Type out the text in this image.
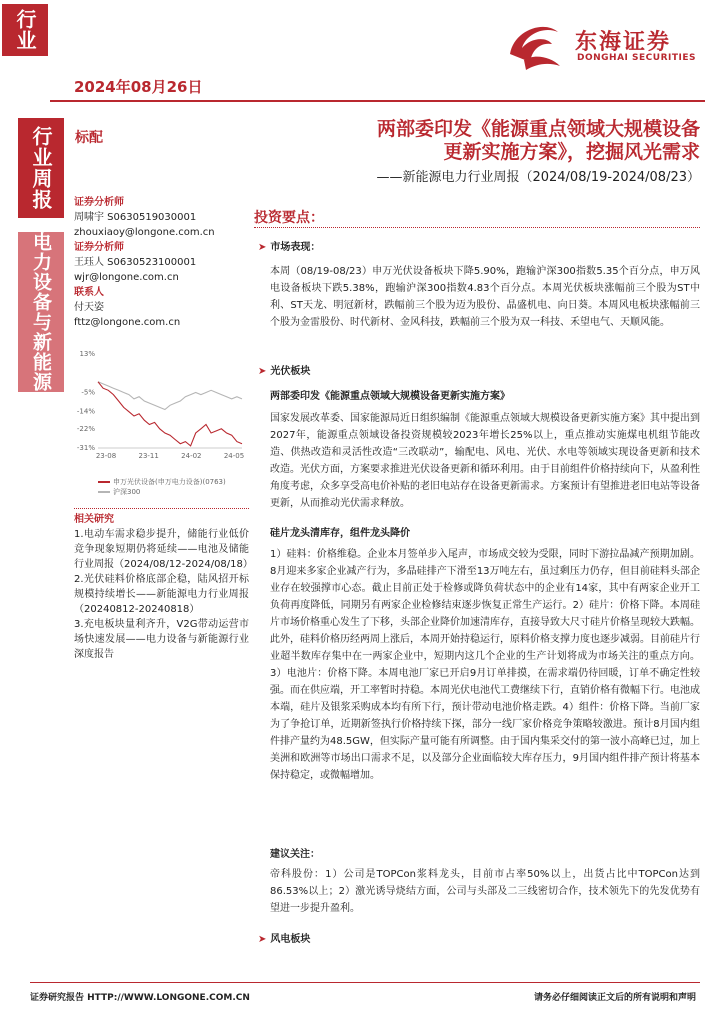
行业
2024年08月26日
东海证券
DONGHAI SECURITIES
行业周报
电力设备与新能源
标配	两部委印发《能源重点领域大规模设备
更新实施方案》，挖掘风光需求
——新能源电力行业周报（2024/08/19-2024/08/23）
证券分析师
周啸宇 S0630519030001
zhouxiaoy@longone.com.cn
证券分析师
王珏人 S0630523100001
wjr@longone.com.cn
联系人
付天姿
fttz@longone.com.cn
13%
-5%
-14%
-22%
-31%
23-08	23-11	24-02	24-05
申万光伏设备(申万电力设备)(0763)
沪深300
相关研究
1.电动车需求稳步提升，储能行业低价竞争现象短期仍将延续——电池及储能行业周报（2024/08/12-2024/08/18）
2.光伏硅料价格底部企稳，陆风招开标规模持续增长——新能源电力行业周报（20240812-20240818）
3.充电板块量利齐升，V2G带动运营市场快速发展——电力设备与新能源行业深度报告
投资要点：
➤ 市场表现：
本周（08/19-08/23）申万光伏设备板块下降5.90%，跑输沪深300指数5.35个百分点，申万风电设备板块下跌5.38%，跑输沪深300指数4.83个百分点。本周光伏板块涨幅前三个股为ST中利、ST天龙、明冠新材，跌幅前三个股为迈为股份、晶盛机电、向日葵。本周风电板块涨幅前三个股为金雷股份、时代新材、金风科技，跌幅前三个股为双一科技、禾望电气、天顺风能。
➤ 光伏板块
两部委印发《能源重点领域大规模设备更新实施方案》
国家发展改革委、国家能源局近日组织编制《能源重点领域大规模设备更新实施方案》其中提出到2027年，能源重点领域设备投资规模较2023年增长25%以上，重点推动实施煤电机组节能改造、供热改造和灵活性改造“三改联动”，输配电、风电、光伏、水电等领域实现设备更新和技术改造。光伏方面，方案要求推进光伏设备更新和循环利用。由于目前组件价格持续向下，从盈利性角度考虑，众多享受高电价补贴的老旧电站存在设备更新需求。方案预计有望推进老旧电站等设备更新，从而推动光伏需求释放。
硅片龙头清库存，组件龙头降价
1）硅料：价格维稳。企业本月签单步入尾声，市场成交较为受限，同时下游拉晶减产预期加剧。8月迎来多家企业减产行为，多晶硅排产下滑至13万吨左右，虽过剩压力仍存，但目前硅料头部企业存在较强撑市心态。截止目前正处于检修或降负荷状态中的企业有14家，其中有两家企业开工负荷再度降低，同期另有两家企业检修结束逐步恢复正常生产运行。2）硅片：价格下降。本周硅片市场价格重心发生了下移，头部企业降价加速清库存，直接导致大尺寸硅片价格呈现较大跌幅。此外，硅料价格历经两周上涨后，本周开始持稳运行，原料价格支撑力度也逐步减弱。目前硅片行业超半数库存集中在一两家企业中，短期内这几个企业的生产计划将成为市场关注的重点方向。3）电池片：价格下降。本周电池厂家已开启9月订单排摸，在需求端仍待回暖，订单不确定性较强。而在供应端，开工率暂时持稳。本周光伏电池代工费继续下行，直销价格有微幅下行。电池成本端，硅片及银浆采购成本均有所下行，预计带动电池价格走跌。4）组件：价格下降。当前厂家为了争抢订单，近期新签执行价格持续下探，部分一线厂家价格竞争策略较激进。预计8月国内组件排产量约为48.5GW，但实际产量可能有所调整。由于国内集采交付的第一波小高峰已过，加上美洲和欧洲等市场出口需求不足，以及部分企业面临较大库存压力，9月国内组件排产预计将基本保持稳定，或微幅增加。
建议关注：
帝科股份：1）公司是TOPCon浆料龙头，目前市占率50%以上，出货占比中TOPCon达到86.53%以上；2）激光诱导烧结方面，公司与头部及二三线密切合作，技术领先下的先发优势有望进一步提升盈利。
➤ 风电板块
证券研究报告 HTTP://WWW.LONGONE.COM.CN	请务必仔细阅读正文后的所有说明和声明
